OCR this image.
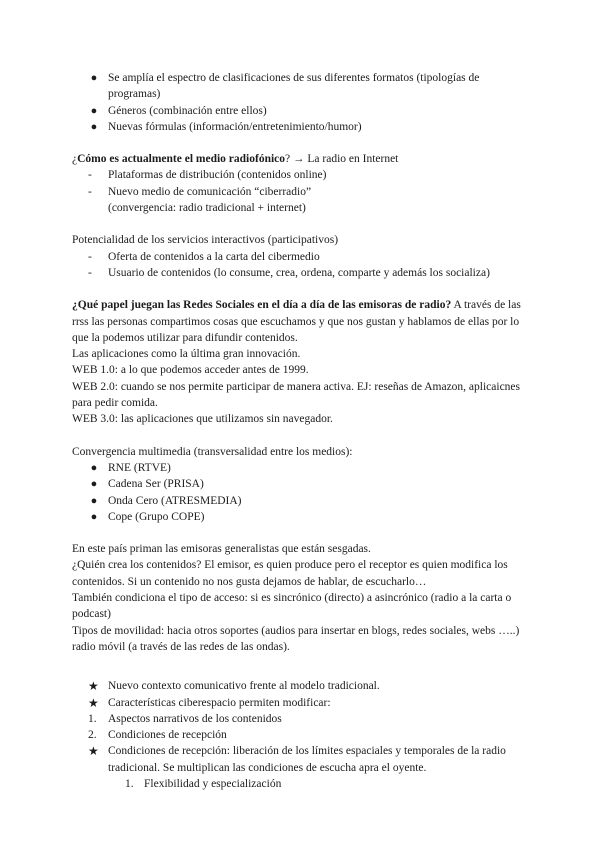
● Se amplía el espectro de clasificaciones de sus diferentes formatos (tipologías de programas)
● Géneros (combinación entre ellos)
● Nuevas fórmulas (información/entretenimiento/humor)
¿Cómo es actualmente el medio radiofónico? → La radio en Internet
- Plataformas de distribución (contenidos online)
- Nuevo medio de comunicación “ciberradio”
(convergencia: radio tradicional + internet)
Potencialidad de los servicios interactivos (participativos)
- Oferta de contenidos a la carta del cibermedio
- Usuario de contenidos (lo consume, crea, ordena, comparte y además los socializa)
¿Qué papel juegan las Redes Sociales en el día a día de las emisoras de radio? A través de las rrss las personas compartimos cosas que escuchamos y que nos gustan y hablamos de ellas por lo que la podemos utilizar para difundir contenidos.
Las aplicaciones como la última gran innovación.
WEB 1.0: a lo que podemos acceder antes de 1999.
WEB 2.0: cuando se nos permite participar de manera activa. EJ: reseñas de Amazon, aplicaicnes para pedir comida.
WEB 3.0: las aplicaciones que utilizamos sin navegador.
Convergencia multimedia (transversalidad entre los medios):
● RNE (RTVE)
● Cadena Ser (PRISA)
● Onda Cero (ATRESMEDIA)
● Cope (Grupo COPE)
En este país priman las emisoras generalistas que están sesgadas.
¿Quién crea los contenidos? El emisor, es quien produce pero el receptor es quien modifica los contenidos. Si un contenido no nos gusta dejamos de hablar, de escucharlo…
También condiciona el tipo de acceso: si es sincrónico (directo) a asincrónico (radio a la carta o podcast)
Tipos de movilidad: hacia otros soportes (audios para insertar en blogs, redes sociales, webs …..) radio móvil (a través de las redes de las ondas).
★ Nuevo contexto comunicativo frente al modelo tradicional.
★ Características ciberespacio permiten modificar:
1. Aspectos narrativos de los contenidos
2. Condiciones de recepción
★ Condiciones de recepción: liberación de los límites espaciales y temporales de la radio tradicional. Se multiplican las condiciones de escucha apra el oyente.
1. Flexibilidad y especialización
